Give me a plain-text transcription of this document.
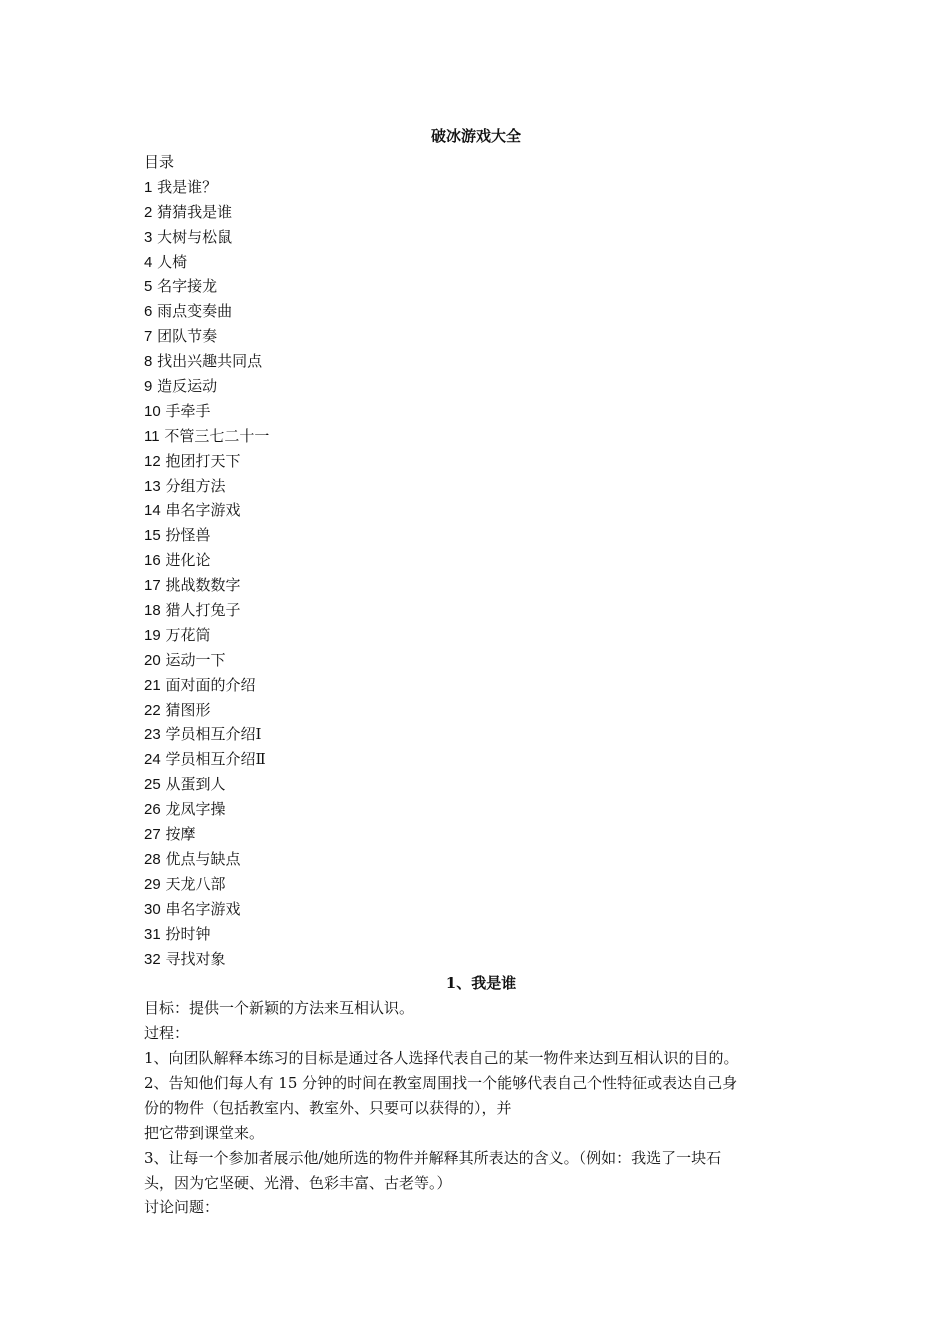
破冰游戏大全

目录

1 我是谁？
2 猜猜我是谁
3 大树与松鼠
4 人椅
5 名字接龙
6 雨点变奏曲
7 团队节奏
8 找出兴趣共同点
9 造反运动
10 手牵手
11 不管三七二十一
12 抱团打天下
13 分组方法
14 串名字游戏
15 扮怪兽
16 进化论
17 挑战数数字
18 猎人打兔子
19 万花筒
20 运动一下
21 面对面的介绍
22 猜图形
23 学员相互介绍Ⅰ
24 学员相互介绍Ⅱ
25 从蛋到人
26 龙凤字操
27 按摩
28 优点与缺点
29 天龙八部
30 串名字游戏
31 扮时钟
32 寻找对象
1、我是谁

目标：提供一个新颖的方法来互相认识。

过程：

1、向团队解释本练习的目标是通过各人选择代表自己的某一物件来达到互相认识的目的。

2、告知他们每人有 15 分钟的时间在教室周围找一个能够代表自己个性特征或表达自己身

份的物件（包括教室内、教室外、只要可以获得的），并

把它带到课堂来。

3、让每一个参加者展示他/她所选的物件并解释其所表达的含义。（例如：我选了一块石

头，因为它坚硬、光滑、色彩丰富、古老等。）

讨论问题：
